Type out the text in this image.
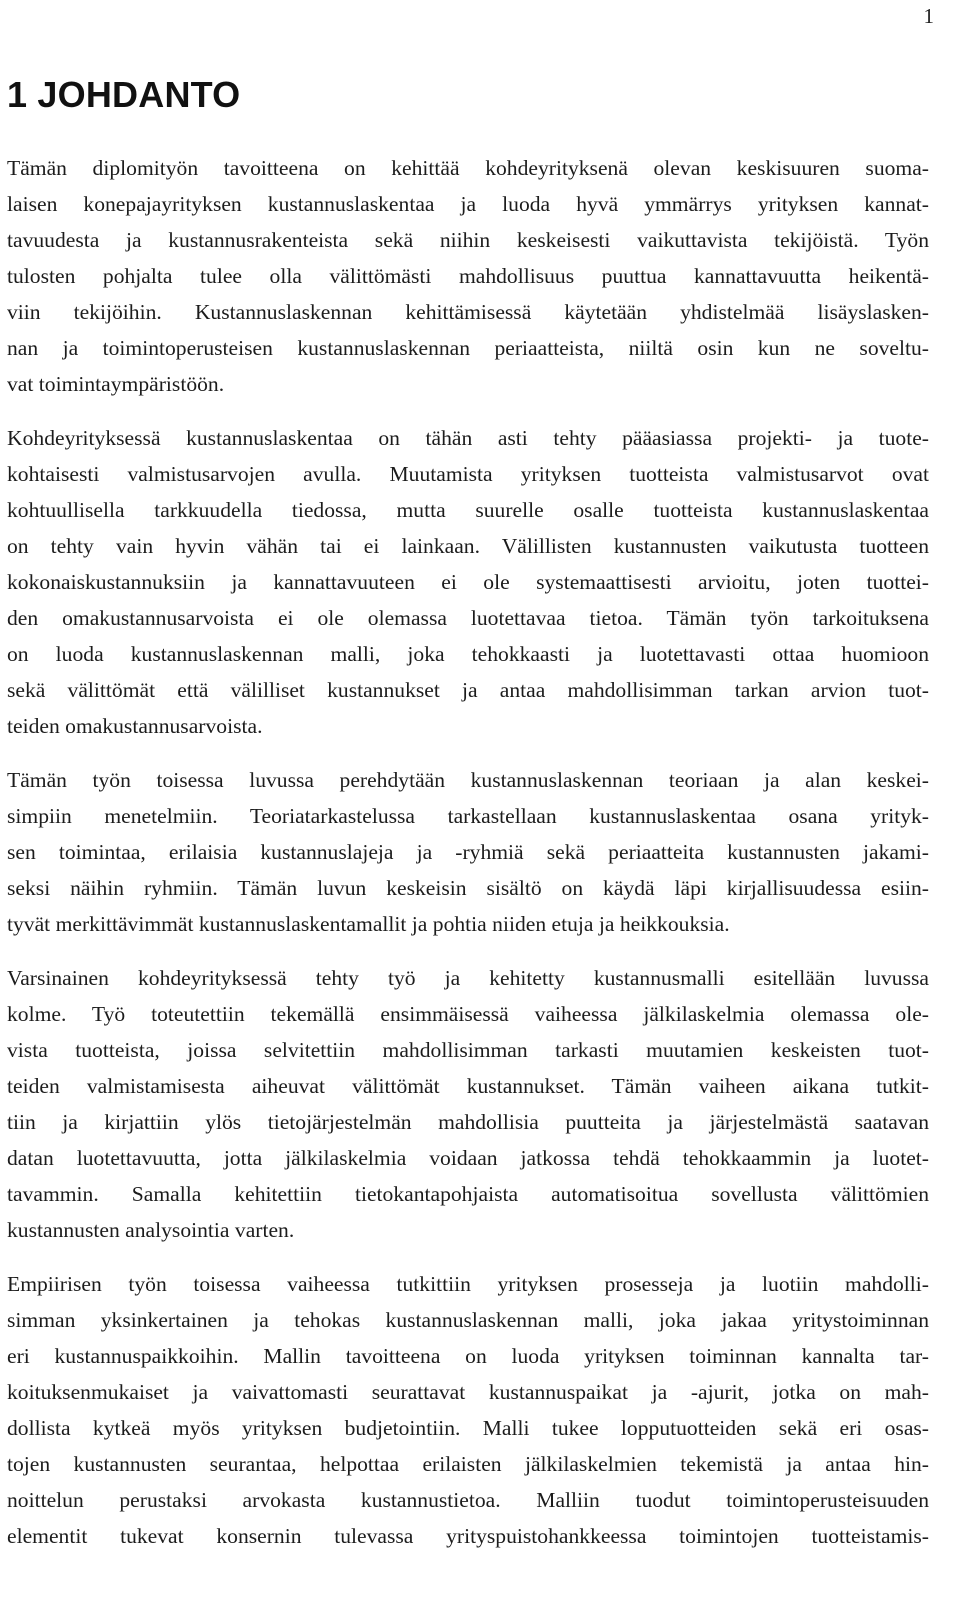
1
1 JOHDANTO

Tämän diplomityön tavoitteena on kehittää kohdeyrityksenä olevan keskisuuren suoma-
laisen konepajayrityksen kustannuslaskentaa ja luoda hyvä ymmärrys yrityksen kannat-
tavuudesta ja kustannusrakenteista sekä niihin keskeisesti vaikuttavista tekijöistä. Työn
tulosten pohjalta tulee olla välittömästi mahdollisuus puuttua kannattavuutta heikentä-
viin tekijöihin. Kustannuslaskennan kehittämisessä käytetään yhdistelmää lisäyslasken-
nan ja toimintoperusteisen kustannuslaskennan periaatteista, niiltä osin kun ne soveltu-
vat toimintaympäristöön.

Kohdeyrityksessä kustannuslaskentaa on tähän asti tehty pääasiassa projekti- ja tuote-
kohtaisesti valmistusarvojen avulla. Muutamista yrityksen tuotteista valmistusarvot ovat
kohtuullisella tarkkuudella tiedossa, mutta suurelle osalle tuotteista kustannuslaskentaa
on tehty vain hyvin vähän tai ei lainkaan. Välillisten kustannusten vaikutusta tuotteen
kokonaiskustannuksiin ja kannattavuuteen ei ole systemaattisesti arvioitu, joten tuottei-
den omakustannusarvoista ei ole olemassa luotettavaa tietoa. Tämän työn tarkoituksena
on luoda kustannuslaskennan malli, joka tehokkaasti ja luotettavasti ottaa huomioon
sekä välittömät että välilliset kustannukset ja antaa mahdollisimman tarkan arvion tuot-
teiden omakustannusarvoista.

Tämän työn toisessa luvussa perehdytään kustannuslaskennan teoriaan ja alan keskei-
simpiin menetelmiin. Teoriatarkastelussa tarkastellaan kustannuslaskentaa osana yrityk-
sen toimintaa, erilaisia kustannuslajeja ja -ryhmiä sekä periaatteita kustannusten jakami-
seksi näihin ryhmiin. Tämän luvun keskeisin sisältö on käydä läpi kirjallisuudessa esiin-
tyvät merkittävimmät kustannuslaskentamallit ja pohtia niiden etuja ja heikkouksia.

Varsinainen kohdeyrityksessä tehty työ ja kehitetty kustannusmalli esitellään luvussa
kolme. Työ toteutettiin tekemällä ensimmäisessä vaiheessa jälkilaskelmia olemassa ole-
vista tuotteista, joissa selvitettiin mahdollisimman tarkasti muutamien keskeisten tuot-
teiden valmistamisesta aiheuvat välittömät kustannukset. Tämän vaiheen aikana tutkit-
tiin ja kirjattiin ylös tietojärjestelmän mahdollisia puutteita ja järjestelmästä saatavan
datan luotettavuutta, jotta jälkilaskelmia voidaan jatkossa tehdä tehokkaammin ja luotet-
tavammin. Samalla kehitettiin tietokantapohjaista automatisoitua sovellusta välittömien
kustannusten analysointia varten.

Empiirisen työn toisessa vaiheessa tutkittiin yrityksen prosesseja ja luotiin mahdolli-
simman yksinkertainen ja tehokas kustannuslaskennan malli, joka jakaa yritystoiminnan
eri kustannuspaikkoihin. Mallin tavoitteena on luoda yrityksen toiminnan kannalta tar-
koituksenmukaiset ja vaivattomasti seurattavat kustannuspaikat ja -ajurit, jotka on mah-
dollista kytkeä myös yrityksen budjetointiin. Malli tukee lopputuotteiden sekä eri osas-
tojen kustannusten seurantaa, helpottaa erilaisten jälkilaskelmien tekemistä ja antaa hin-
noittelun perustaksi arvokasta kustannustietoa. Malliin tuodut toimintoperusteisuuden
elementit tukevat konsernin tulevassa yrityspuistohankkeessa toimintojen tuotteistamis-
